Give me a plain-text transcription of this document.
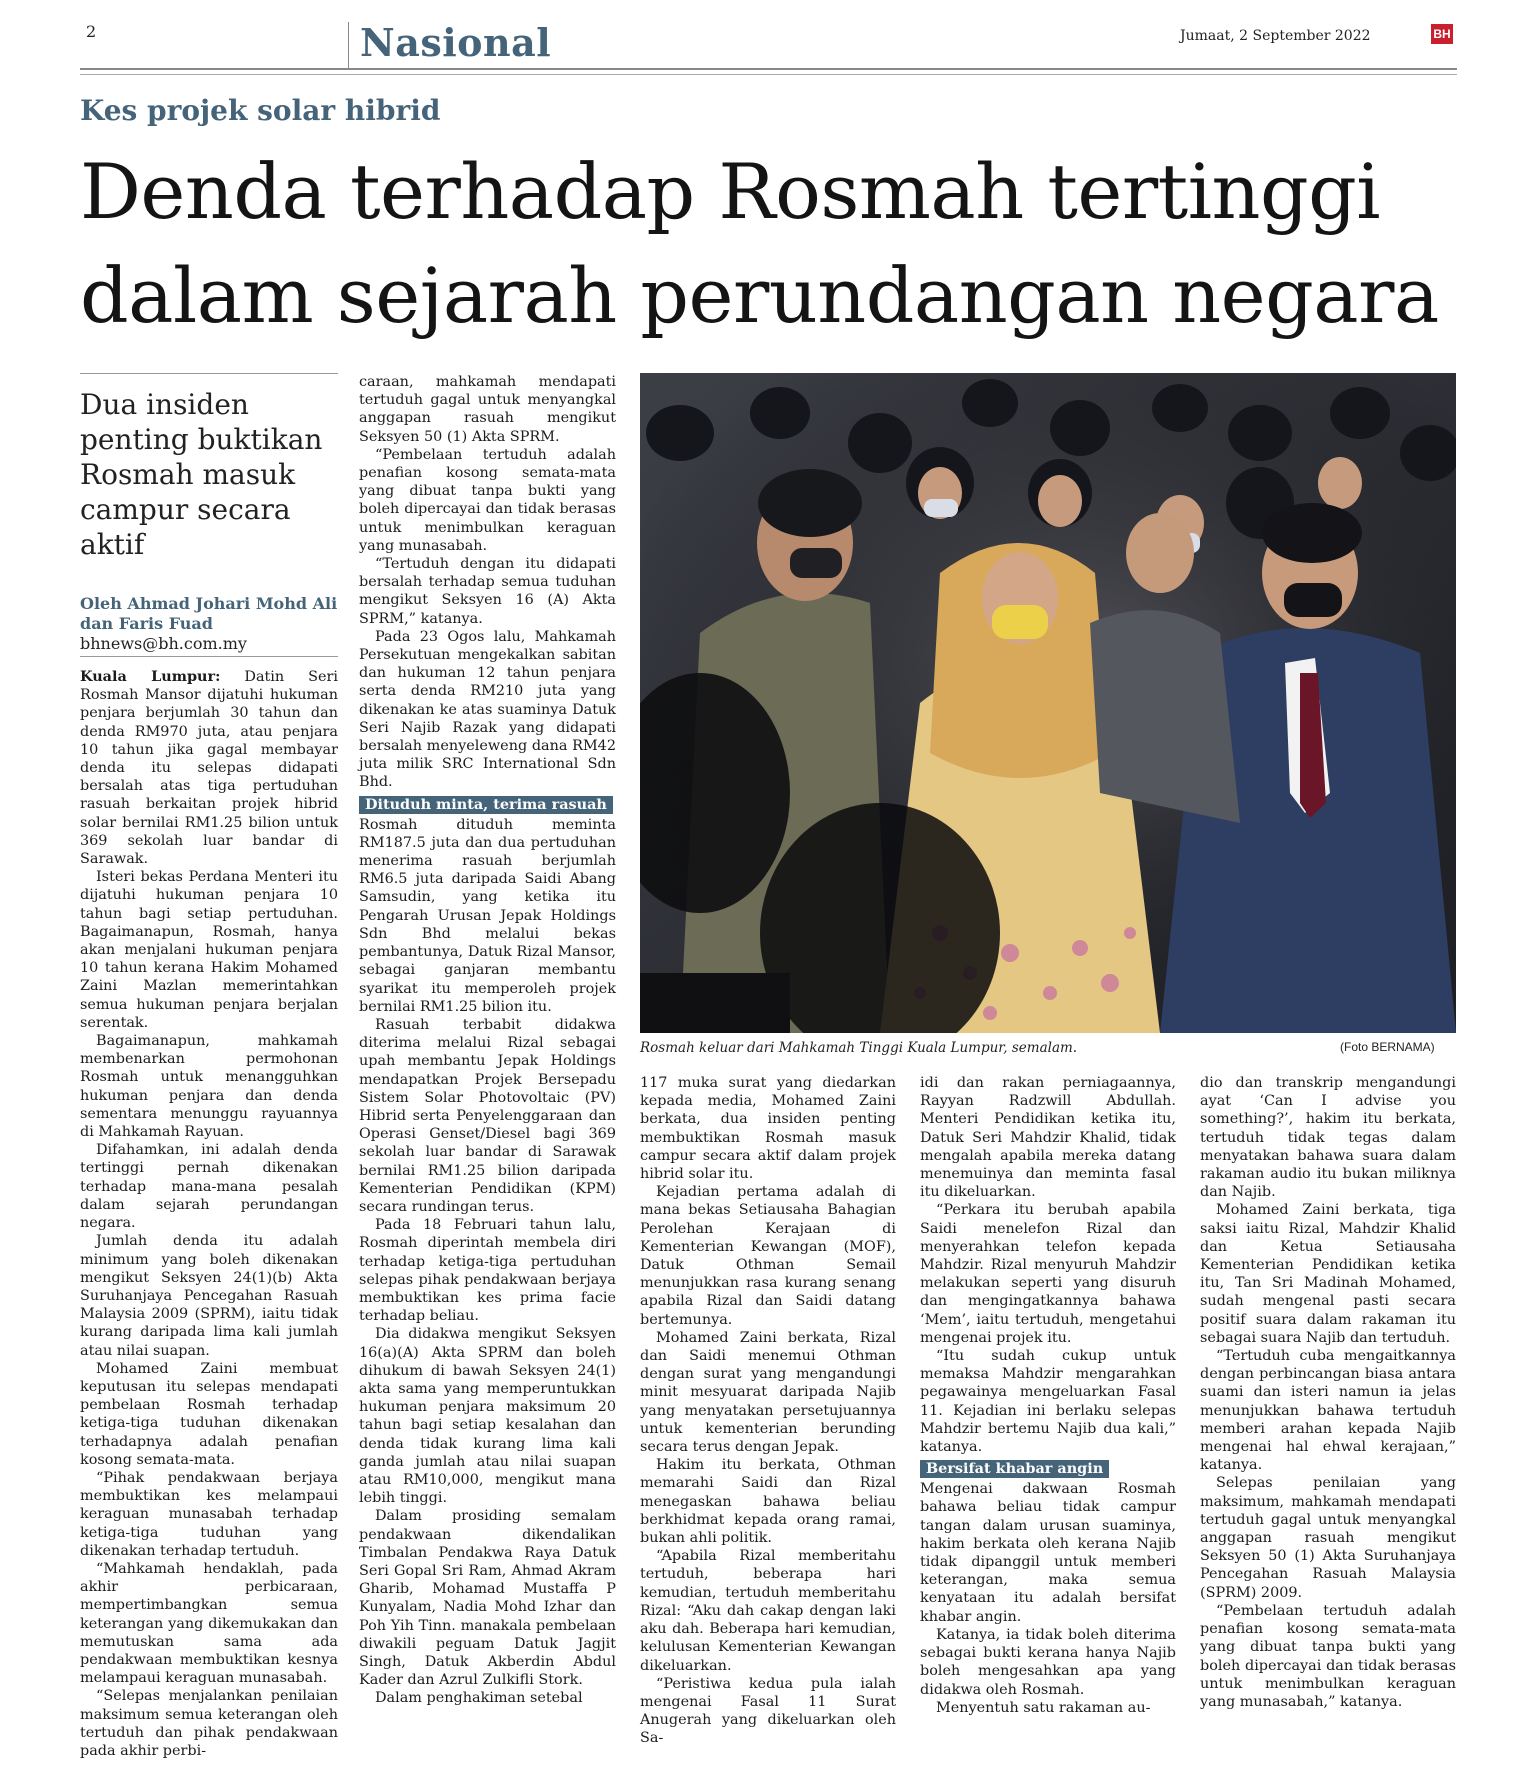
2	Nasional	Jumaat, 2 September 2022	BH
Kes projek solar hibrid
Denda terhadap Rosmah tertinggi
dalam sejarah perundangan negara
Dua insiden penting buktikan Rosmah masuk campur secara aktif
Oleh Ahmad Johari Mohd Ali dan Faris Fuad
bhnews@bh.com.my

Kuala Lumpur: Datin Seri Rosmah Mansor dijatuhi hukuman penjara berjumlah 30 tahun dan denda RM970 juta, atau penjara 10 tahun jika gagal membayar denda itu selepas didapati bersalah atas tiga pertuduhan rasuah berkaitan projek hibrid solar bernilai RM1.25 bilion untuk 369 sekolah luar bandar di Sarawak.

Isteri bekas Perdana Menteri itu dijatuhi hukuman penjara 10 tahun bagi setiap pertuduhan. Bagaimanapun, Rosmah, hanya akan menjalani hukuman penjara 10 tahun kerana Hakim Mohamed Zaini Mazlan memerintahkan semua hukuman penjara berjalan serentak.

Bagaimanapun, mahkamah membenarkan permohonan Rosmah untuk menangguhkan hukuman penjara dan denda sementara menunggu rayuannya di Mahkamah Rayuan.

Difahamkan, ini adalah denda tertinggi pernah dikenakan terhadap mana-mana pesalah dalam sejarah perundangan negara.

Jumlah denda itu adalah minimum yang boleh dikenakan mengikut Seksyen 24(1)(b) Akta Suruhanjaya Pencegahan Rasuah Malaysia 2009 (SPRM), iaitu tidak kurang daripada lima kali jumlah atau nilai suapan.

Mohamed Zaini membuat keputusan itu selepas mendapati pembelaan Rosmah terhadap ketiga-tiga tuduhan dikenakan terhadapnya adalah penafian kosong semata-mata.

“Pihak pendakwaan berjaya membuktikan kes melampaui keraguan munasabah terhadap ketiga-tiga tuduhan yang dikenakan terhadap tertuduh.

“Mahkamah hendaklah, pada akhir perbicaraan, mempertimbangkan semua keterangan yang dikemukakan dan memutuskan sama ada pendakwaan membuktikan kesnya melampaui keraguan munasabah.

“Selepas menjalankan penilaian maksimum semua keterangan oleh tertuduh dan pihak pendakwaan pada akhir perbi-

caraan, mahkamah mendapati tertuduh gagal untuk menyangkal anggapan rasuah mengikut Seksyen 50 (1) Akta SPRM.

“Pembelaan tertuduh adalah penafian kosong semata-mata yang dibuat tanpa bukti yang boleh dipercayai dan tidak berasas untuk menimbulkan keraguan yang munasabah.

“Tertuduh dengan itu didapati bersalah terhadap semua tuduhan mengikut Seksyen 16 (A) Akta SPRM,” katanya.

Pada 23 Ogos lalu, Mahkamah Persekutuan mengekalkan sabitan dan hukuman 12 tahun penjara serta denda RM210 juta yang dikenakan ke atas suaminya Datuk Seri Najib Razak yang didapati bersalah menyeleweng dana RM42 juta milik SRC International Sdn Bhd.

Dituduh minta, terima rasuah

Rosmah dituduh meminta RM187.5 juta dan dua pertuduhan menerima rasuah berjumlah RM6.5 juta daripada Saidi Abang Samsudin, yang ketika itu Pengarah Urusan Jepak Holdings Sdn Bhd melalui bekas pembantunya, Datuk Rizal Mansor, sebagai ganjaran membantu syarikat itu memperoleh projek bernilai RM1.25 bilion itu.

Rasuah terbabit didakwa diterima melalui Rizal sebagai upah membantu Jepak Holdings mendapatkan Projek Bersepadu Sistem Solar Photovoltaic (PV) Hibrid serta Penyelenggaraan dan Operasi Genset/Diesel bagi 369 sekolah luar bandar di Sarawak bernilai RM1.25 bilion daripada Kementerian Pendidikan (KPM) secara rundingan terus.

Pada 18 Februari tahun lalu, Rosmah diperintah membela diri terhadap ketiga-tiga pertuduhan selepas pihak pendakwaan berjaya membuktikan kes prima facie terhadap beliau.

Dia didakwa mengikut Seksyen 16(a)(A) Akta SPRM dan boleh dihukum di bawah Seksyen 24(1) akta sama yang memperuntukkan hukuman penjara maksimum 20 tahun bagi setiap kesalahan dan denda tidak kurang lima kali ganda jumlah atau nilai suapan atau RM10,000, mengikut mana lebih tinggi.

Dalam prosiding semalam pendakwaan dikendalikan Timbalan Pendakwa Raya Datuk Seri Gopal Sri Ram, Ahmad Akram Gharib, Mohamad Mustaffa P Kunyalam, Nadia Mohd Izhar dan Poh Yih Tinn. manakala pembelaan diwakili peguam Datuk Jagjit Singh, Datuk Akberdin Abdul Kader dan Azrul Zulkifli Stork.

Dalam penghakiman setebal

Rosmah keluar dari Mahkamah Tinggi Kuala Lumpur, semalam.	(Foto BERNAMA)

117 muka surat yang diedarkan kepada media, Mohamed Zaini berkata, dua insiden penting membuktikan Rosmah masuk campur secara aktif dalam projek hibrid solar itu.

Kejadian pertama adalah di mana bekas Setiausaha Bahagian Perolehan Kerajaan di Kementerian Kewangan (MOF), Datuk Othman Semail menunjukkan rasa kurang senang apabila Rizal dan Saidi datang bertemunya.

Mohamed Zaini berkata, Rizal dan Saidi menemui Othman dengan surat yang mengandungi minit mesyuarat daripada Najib yang menyatakan persetujuannya untuk kementerian berunding secara terus dengan Jepak.

Hakim itu berkata, Othman memarahi Saidi dan Rizal menegaskan bahawa beliau berkhidmat kepada orang ramai, bukan ahli politik.

“Apabila Rizal memberitahu tertuduh, beberapa hari kemudian, tertuduh memberitahu Rizal: “Aku dah cakap dengan laki aku dah. Beberapa hari kemudian, kelulusan Kementerian Kewangan dikeluarkan.

“Peristiwa kedua pula ialah mengenai Fasal 11 Surat Anugerah yang dikeluarkan oleh Sa-

idi dan rakan perniagaannya, Rayyan Radzwill Abdullah. Menteri Pendidikan ketika itu, Datuk Seri Mahdzir Khalid, tidak mengalah apabila mereka datang menemuinya dan meminta fasal itu dikeluarkan.

“Perkara itu berubah apabila Saidi menelefon Rizal dan menyerahkan telefon kepada Mahdzir. Rizal menyuruh Mahdzir melakukan seperti yang disuruh dan mengingatkannya bahawa ‘Mem’, iaitu tertuduh, mengetahui mengenai projek itu.

“Itu sudah cukup untuk memaksa Mahdzir mengarahkan pegawainya mengeluarkan Fasal 11. Kejadian ini berlaku selepas Mahdzir bertemu Najib dua kali,” katanya.

Bersifat khabar angin

Mengenai dakwaan Rosmah bahawa beliau tidak campur tangan dalam urusan suaminya, hakim berkata oleh kerana Najib tidak dipanggil untuk memberi keterangan, maka semua kenyataan itu adalah bersifat khabar angin.

Katanya, ia tidak boleh diterima sebagai bukti kerana hanya Najib boleh mengesahkan apa yang didakwa oleh Rosmah.

Menyentuh satu rakaman au-

dio dan transkrip mengandungi ayat ‘Can I advise you something?’, hakim itu berkata, tertuduh tidak tegas dalam menyatakan bahawa suara dalam rakaman audio itu bukan miliknya dan Najib.

Mohamed Zaini berkata, tiga saksi iaitu Rizal, Mahdzir Khalid dan Ketua Setiausaha Kementerian Pendidikan ketika itu, Tan Sri Madinah Mohamed, sudah mengenal pasti secara positif suara dalam rakaman itu sebagai suara Najib dan tertuduh.

“Tertuduh cuba mengaitkannya dengan perbincangan biasa antara suami dan isteri namun ia jelas menunjukkan bahawa tertuduh memberi arahan kepada Najib mengenai hal ehwal kerajaan,” katanya.

Selepas penilaian yang maksimum, mahkamah mendapati tertuduh gagal untuk menyangkal anggapan rasuah mengikut Seksyen 50 (1) Akta Suruhanjaya Pencegahan Rasuah Malaysia (SPRM) 2009.

“Pembelaan tertuduh adalah penafian kosong semata-mata yang dibuat tanpa bukti yang boleh dipercayai dan tidak berasas untuk menimbulkan keraguan yang munasabah,” katanya.
